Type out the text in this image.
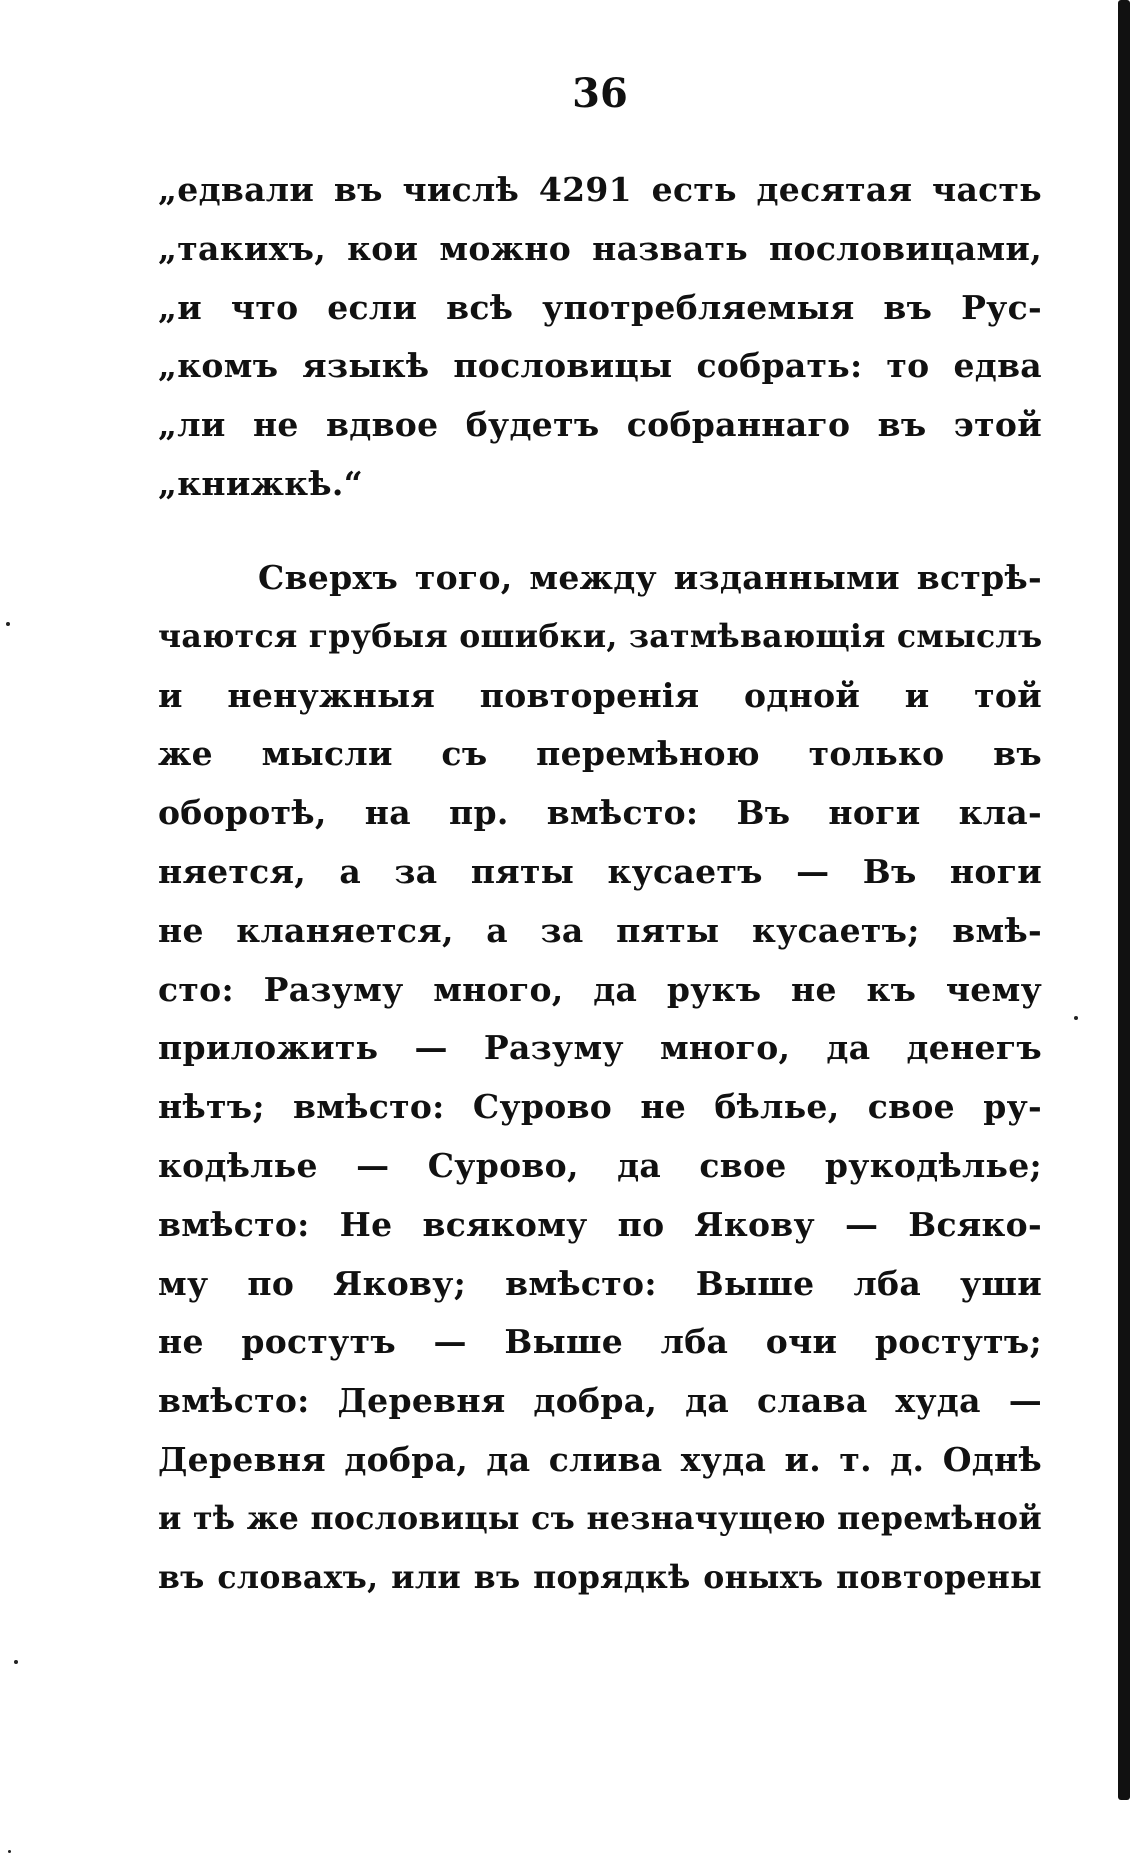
36
„едвали въ числѣ 4291 есть десятая часть
„такихъ, кои можно назвать пословицами,
„и что если всѣ употребляемыя въ Рус-
„комъ языкѣ пословицы собрать: то едва
„ли не вдвое будетъ собраннаго въ этой
„книжкѣ.“
Сверхъ того, между изданными встрѣ-
чаются грубыя ошибки, затмѣвающія смыслъ
и ненужныя повторенія одной и той
же мысли съ перемѣною только въ
оборотѣ, на пр. вмѣсто: Въ ноги кла-
няется, а за пяты кусаетъ — Въ ноги
не кланяется, а за пяты кусаетъ; вмѣ-
сто: Разуму много, да рукъ не къ чему
приложить — Разуму много, да денегъ
нѣтъ; вмѣсто: Сурово не бѣлье, свое ру-
кодѣлье — Сурово, да свое рукодѣлье;
вмѣсто: Не всякому по Якову — Всяко-
му по Якову; вмѣсто: Выше лба уши
не ростутъ — Выше лба очи ростутъ;
вмѣсто: Деревня добра, да слава худа —
Деревня добра, да слива худа и. т. д. Однѣ
и тѣ же пословицы съ незначущею перемѣной
въ словахъ, или въ порядкѣ оныхъ повторены
